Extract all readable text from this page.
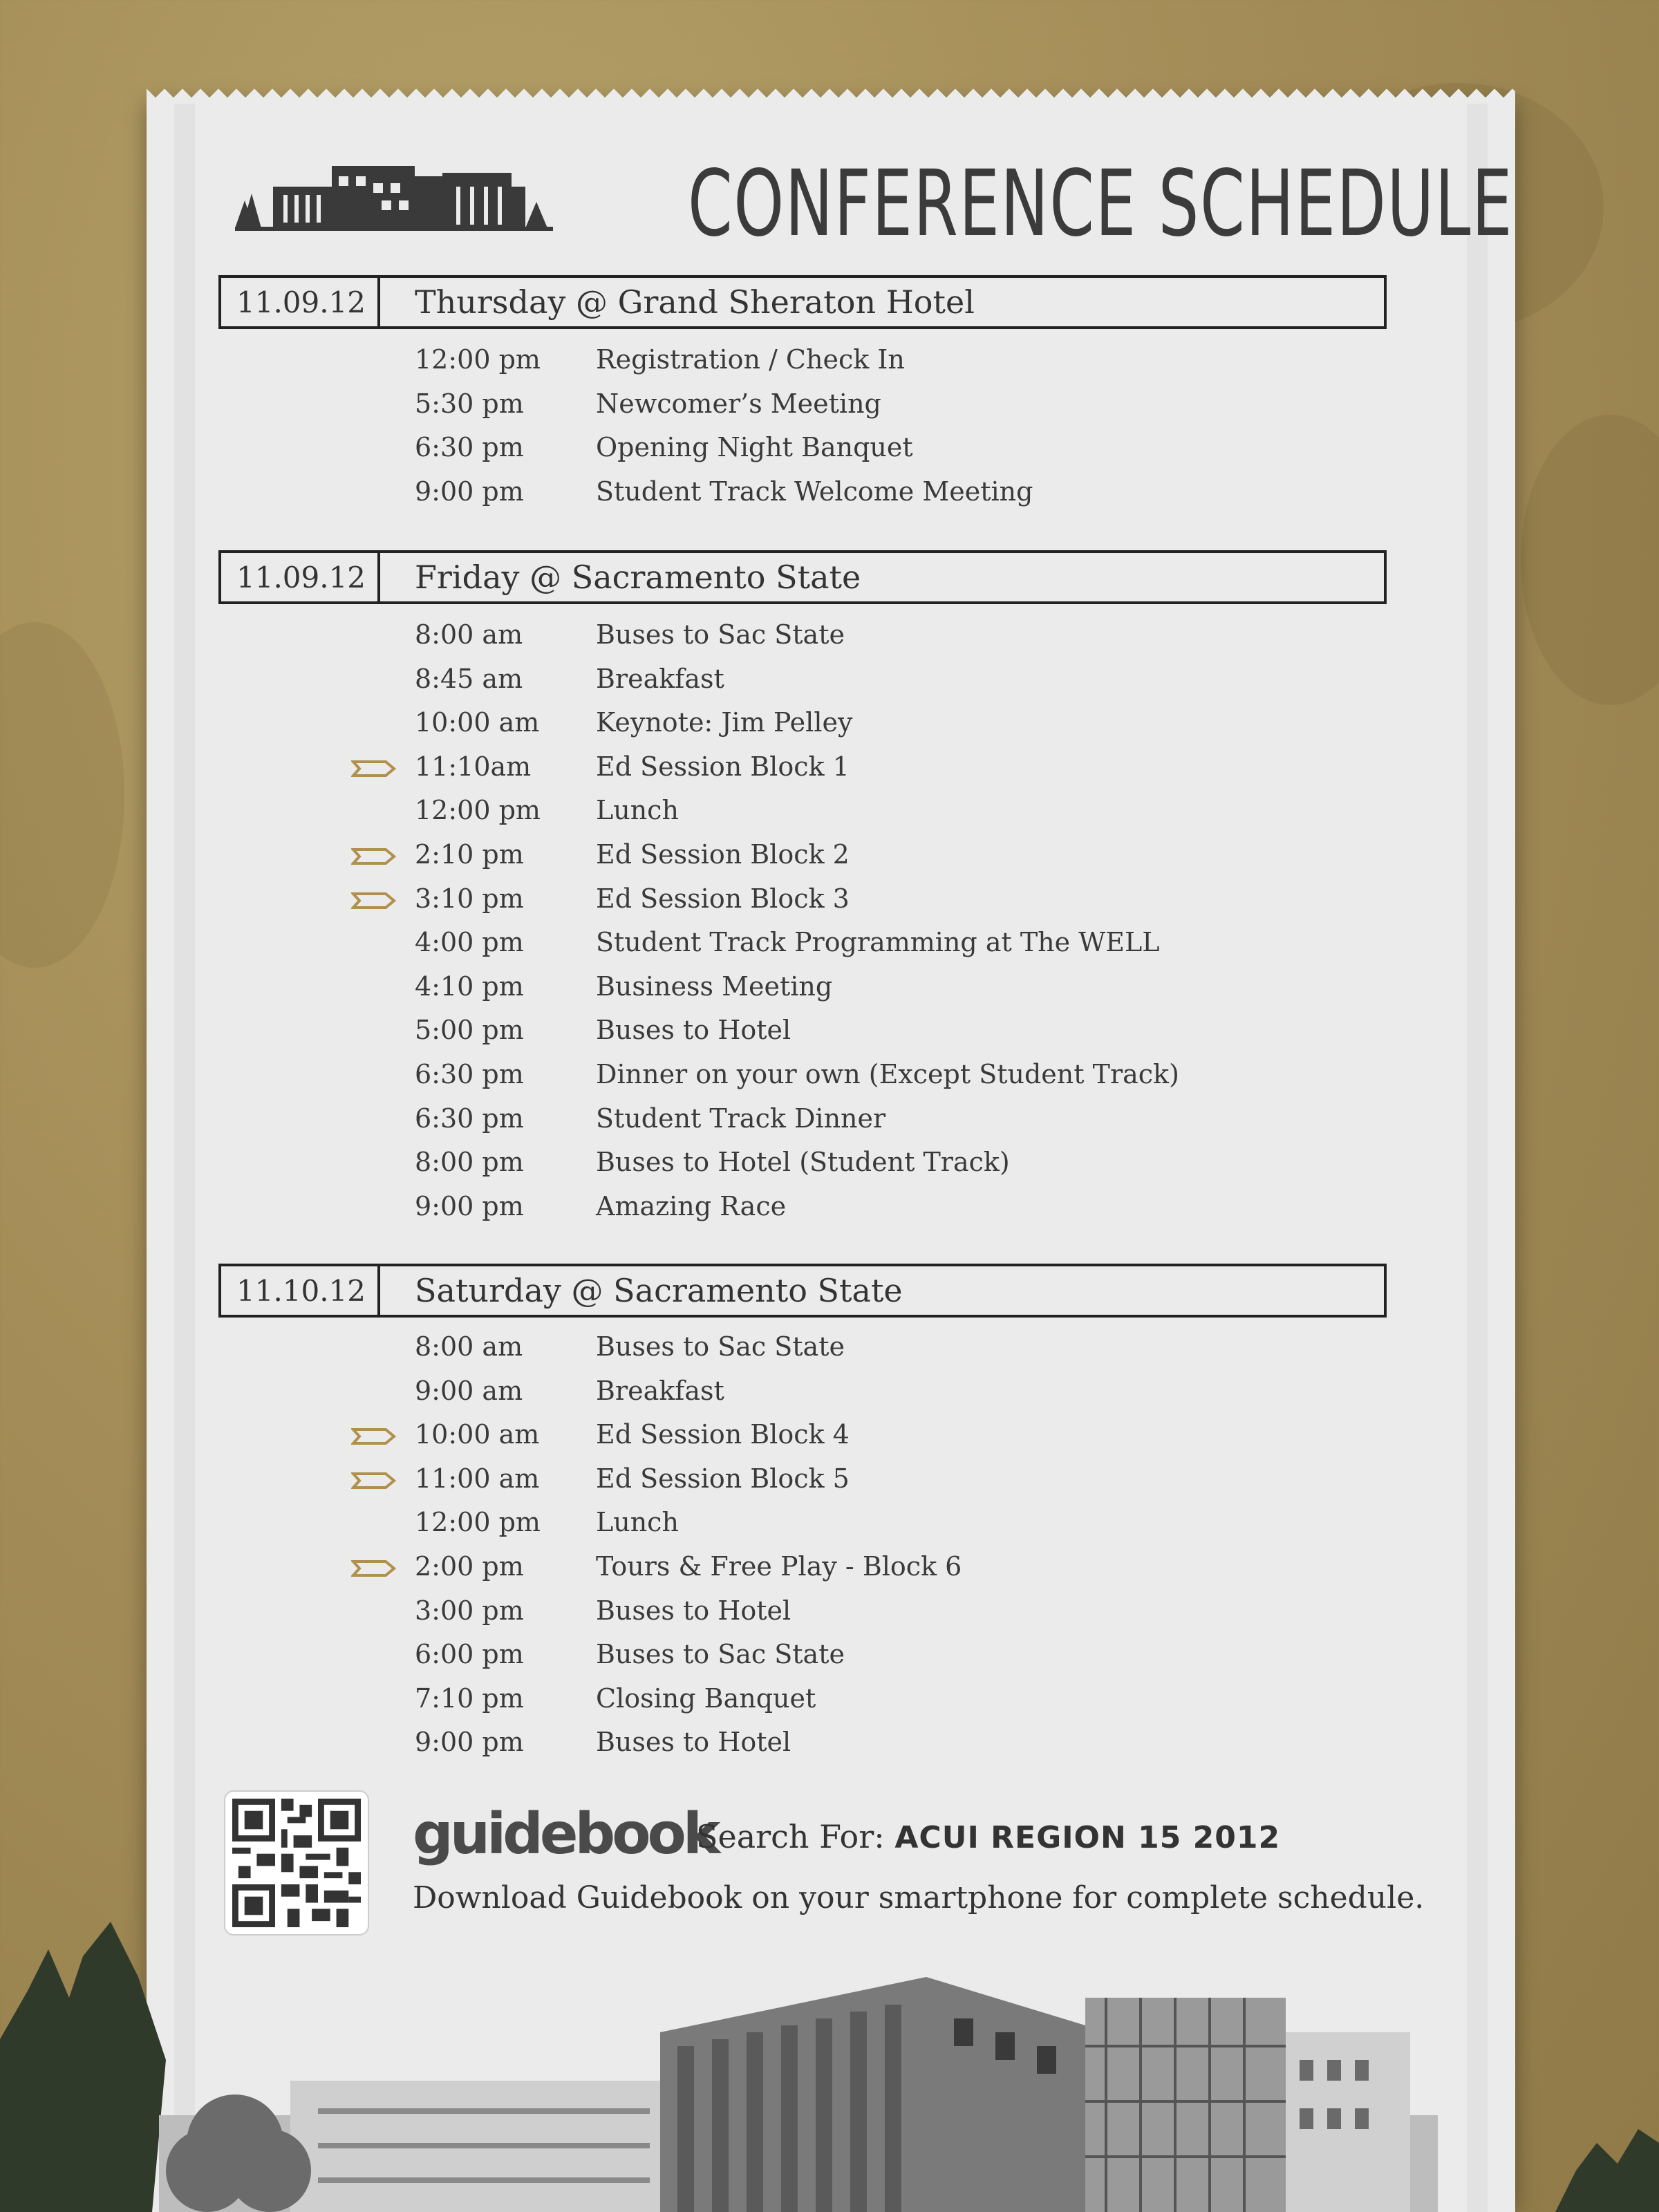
CONFERENCE SCHEDULE
11.09.12	Thursday @ Grand Sheraton Hotel
12:00 pm Registration / Check In
5:30 pm	Newcomer’s Meeting
6:30 pm	Opening Night Banquet
9:00 pm	Student Track Welcome Meeting
11.09.12	Friday @ Sacramento State
8:00 am	Buses to Sac State
8:45 am	Breakfast
10:00 am Keynote: Jim Pelley
11:10am Ed Session Block 1
12:00 pm Lunch
2:10 pm	Ed Session Block 2
3:10 pm	Ed Session Block 3
4:00 pm	Student Track Programming at The WELL
4:10 pm	Business Meeting
5:00 pm	Buses to Hotel
6:30 pm	Dinner on your own (Except Student Track)
6:30 pm	Student Track Dinner
8:00 pm	Buses to Hotel (Student Track)
9:00 pm	Amazing Race
11.10.12	Saturday @ Sacramento State
8:00 am	Buses to Sac State
9:00 am	Breakfast
10:00 am Ed Session Block 4
11:00 am Ed Session Block 5
12:00 pm Lunch
2:00 pm	Tours & Free Play - Block 6
3:00 pm	Buses to Hotel
6:00 pm	Buses to Sac State
7:10 pm	Closing Banquet
9:00 pm	Buses to Hotel
guidebook
Search For: ACUI REGION 15 2012
Download Guidebook on your smartphone for complete schedule.
